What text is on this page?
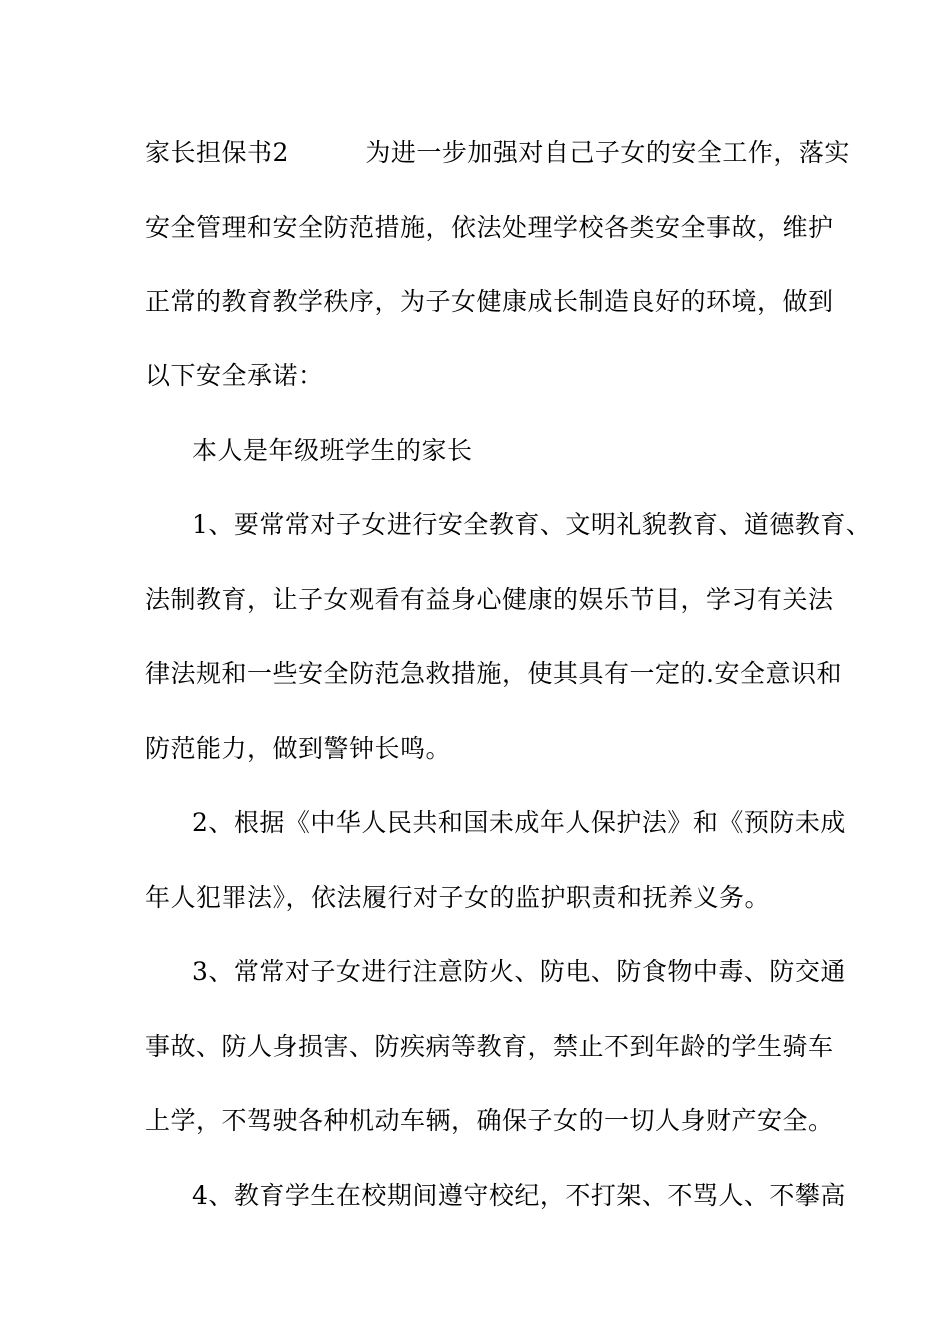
家长担保书2　　　为进一步加强对自己子女的安全工作，落实
安全管理和安全防范措施，依法处理学校各类安全事故，维护
正常的教育教学秩序，为子女健康成长制造良好的环境，做到
以下安全承诺：
本人是年级班学生的家长
1、要常常对子女进行安全教育、文明礼貌教育、道德教育、
法制教育，让子女观看有益身心健康的娱乐节目，学习有关法
律法规和一些安全防范急救措施，使其具有一定的.安全意识和
防范能力，做到警钟长鸣。
2、根据《中华人民共和国未成年人保护法》和《预防未成
年人犯罪法》，依法履行对子女的监护职责和抚养义务。
3、常常对子女进行注意防火、防电、防食物中毒、防交通
事故、防人身损害、防疾病等教育，禁止不到年龄的学生骑车
上学，不驾驶各种机动车辆，确保子女的一切人身财产安全。
4、教育学生在校期间遵守校纪，不打架、不骂人、不攀高
